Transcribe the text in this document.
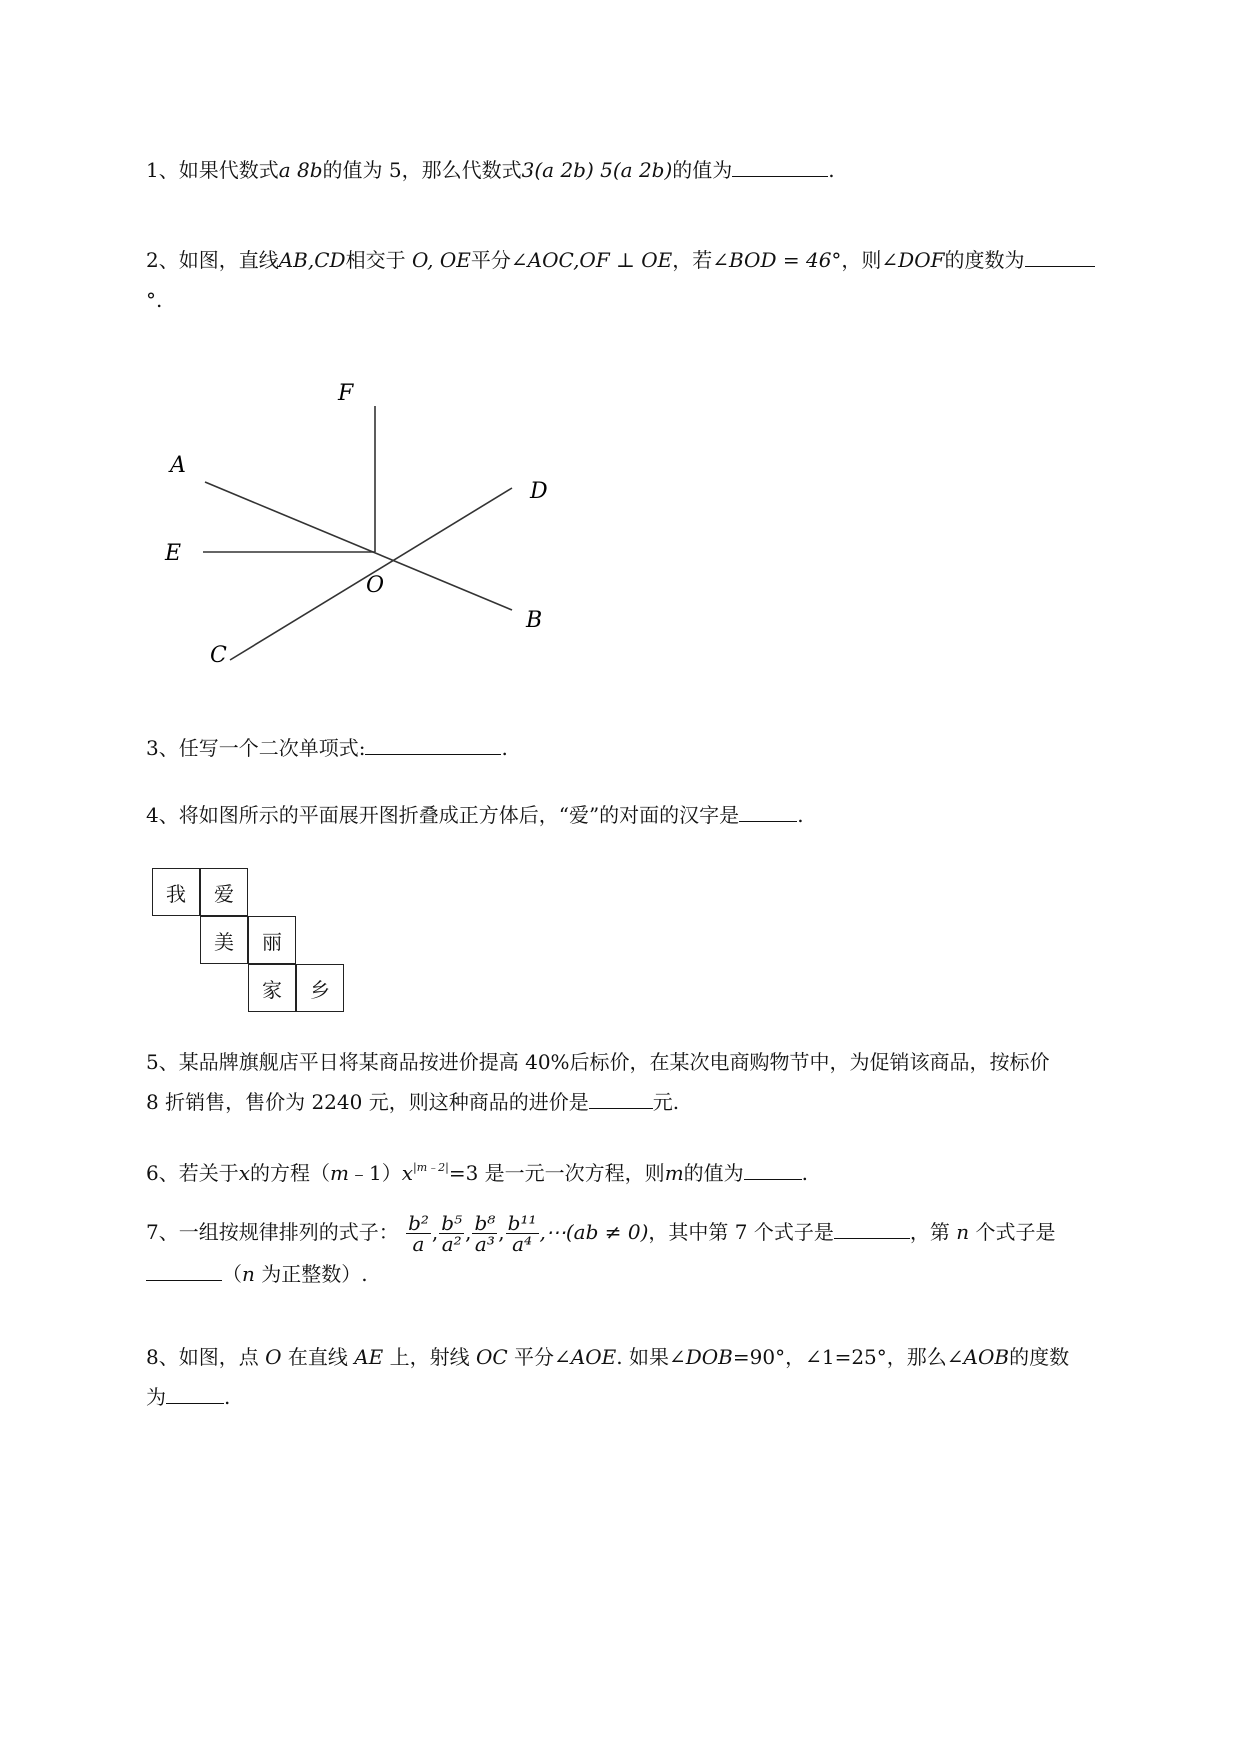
1、如果代数式a 8b的值为 5，那么代数式3(a 2b) 5(a 2b)的值为	.
2、如图，直线AB,CD相交于 O, OE平分∠AOC,OF ⊥ OE，若∠BOD = 46°，则∠DOF的度数为
°.
A
B
C
D
E
F
O
3、任写一个二次单项式:	.
4、将如图所示的平面展开图折叠成正方体后，“爱”的对面的汉字是	.
我	爱
美	丽
家	乡
5、某品牌旗舰店平日将某商品按进价提高 40%后标价，在某次电商购物节中，为促销该商品，按标价
8 折销售，售价为 2240 元，则这种商品的进价是	元.
6、若关于x的方程$(m﹣1)x^{|m﹣2|}=3$ 是一元一次方程，则m的值为	.
7、一组按规律排列的式子： $\frac{\text{b²}}{a}$ , $\frac{\text{b⁵}}{\text{a²}}$ , $\frac{\text{b⁸}}{\text{a³}}$ , $\frac{\text{b¹¹}}{\text{a⁴}}$ ,⋯(ab ≠ 0)，其中第 7 个式子是	，第 n 个式子是
（n 为正整数）.
8、如图，点 O 在直线 AE 上，射线 OC 平分∠AOE. 如果∠DOB=90°，∠1=25°，那么∠AOB的度数
为	.
